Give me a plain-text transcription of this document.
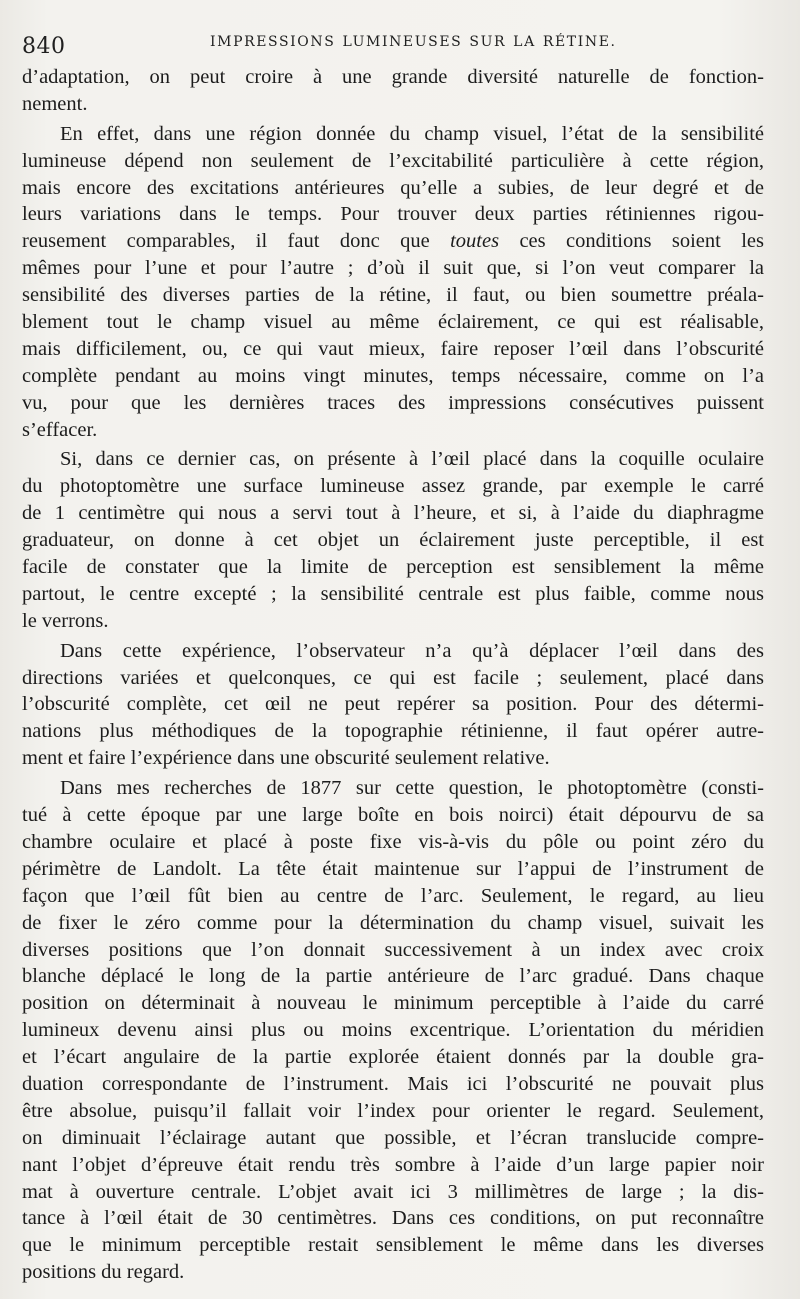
840	IMPRESSIONS LUMINEUSES SUR LA RÉTINE.
d’adaptation, on peut croire à une grande diversité naturelle de fonction-
nement.
En effet, dans une région donnée du champ visuel, l’état de la sensibilité
lumineuse dépend non seulement de l’excitabilité particulière à cette région,
mais encore des excitations antérieures qu’elle a subies, de leur degré et de
leurs variations dans le temps. Pour trouver deux parties rétiniennes rigou-
reusement comparables, il faut donc que toutes ces conditions soient les
mêmes pour l’une et pour l’autre ; d’où il suit que, si l’on veut comparer la
sensibilité des diverses parties de la rétine, il faut, ou bien soumettre préala-
blement tout le champ visuel au même éclairement, ce qui est réalisable,
mais difficilement, ou, ce qui vaut mieux, faire reposer l’œil dans l’obscurité
complète pendant au moins vingt minutes, temps nécessaire, comme on l’a
vu, pour que les dernières traces des impressions consécutives puissent
s’effacer.
Si, dans ce dernier cas, on présente à l’œil placé dans la coquille oculaire
du photoptomètre une surface lumineuse assez grande, par exemple le carré
de 1 centimètre qui nous a servi tout à l’heure, et si, à l’aide du diaphragme
graduateur, on donne à cet objet un éclairement juste perceptible, il est
facile de constater que la limite de perception est sensiblement la même
partout, le centre excepté ; la sensibilité centrale est plus faible, comme nous
le verrons.
Dans cette expérience, l’observateur n’a qu’à déplacer l’œil dans des
directions variées et quelconques, ce qui est facile ; seulement, placé dans
l’obscurité complète, cet œil ne peut repérer sa position. Pour des détermi-
nations plus méthodiques de la topographie rétinienne, il faut opérer autre-
ment et faire l’expérience dans une obscurité seulement relative.
Dans mes recherches de 1877 sur cette question, le photoptomètre (consti-
tué à cette époque par une large boîte en bois noirci) était dépourvu de sa
chambre oculaire et placé à poste fixe vis-à-vis du pôle ou point zéro du
périmètre de Landolt. La tête était maintenue sur l’appui de l’instrument de
façon que l’œil fût bien au centre de l’arc. Seulement, le regard, au lieu
de fixer le zéro comme pour la détermination du champ visuel, suivait les
diverses positions que l’on donnait successivement à un index avec croix
blanche déplacé le long de la partie antérieure de l’arc gradué. Dans chaque
position on déterminait à nouveau le minimum perceptible à l’aide du carré
lumineux devenu ainsi plus ou moins excentrique. L’orientation du méridien
et l’écart angulaire de la partie explorée étaient donnés par la double gra-
duation correspondante de l’instrument. Mais ici l’obscurité ne pouvait plus
être absolue, puisqu’il fallait voir l’index pour orienter le regard. Seulement,
on diminuait l’éclairage autant que possible, et l’écran translucide compre-
nant l’objet d’épreuve était rendu très sombre à l’aide d’un large papier noir
mat à ouverture centrale. L’objet avait ici 3 millimètres de large ; la dis-
tance à l’œil était de 30 centimètres. Dans ces conditions, on put reconnaître
que le minimum perceptible restait sensiblement le même dans les diverses
positions du regard.
